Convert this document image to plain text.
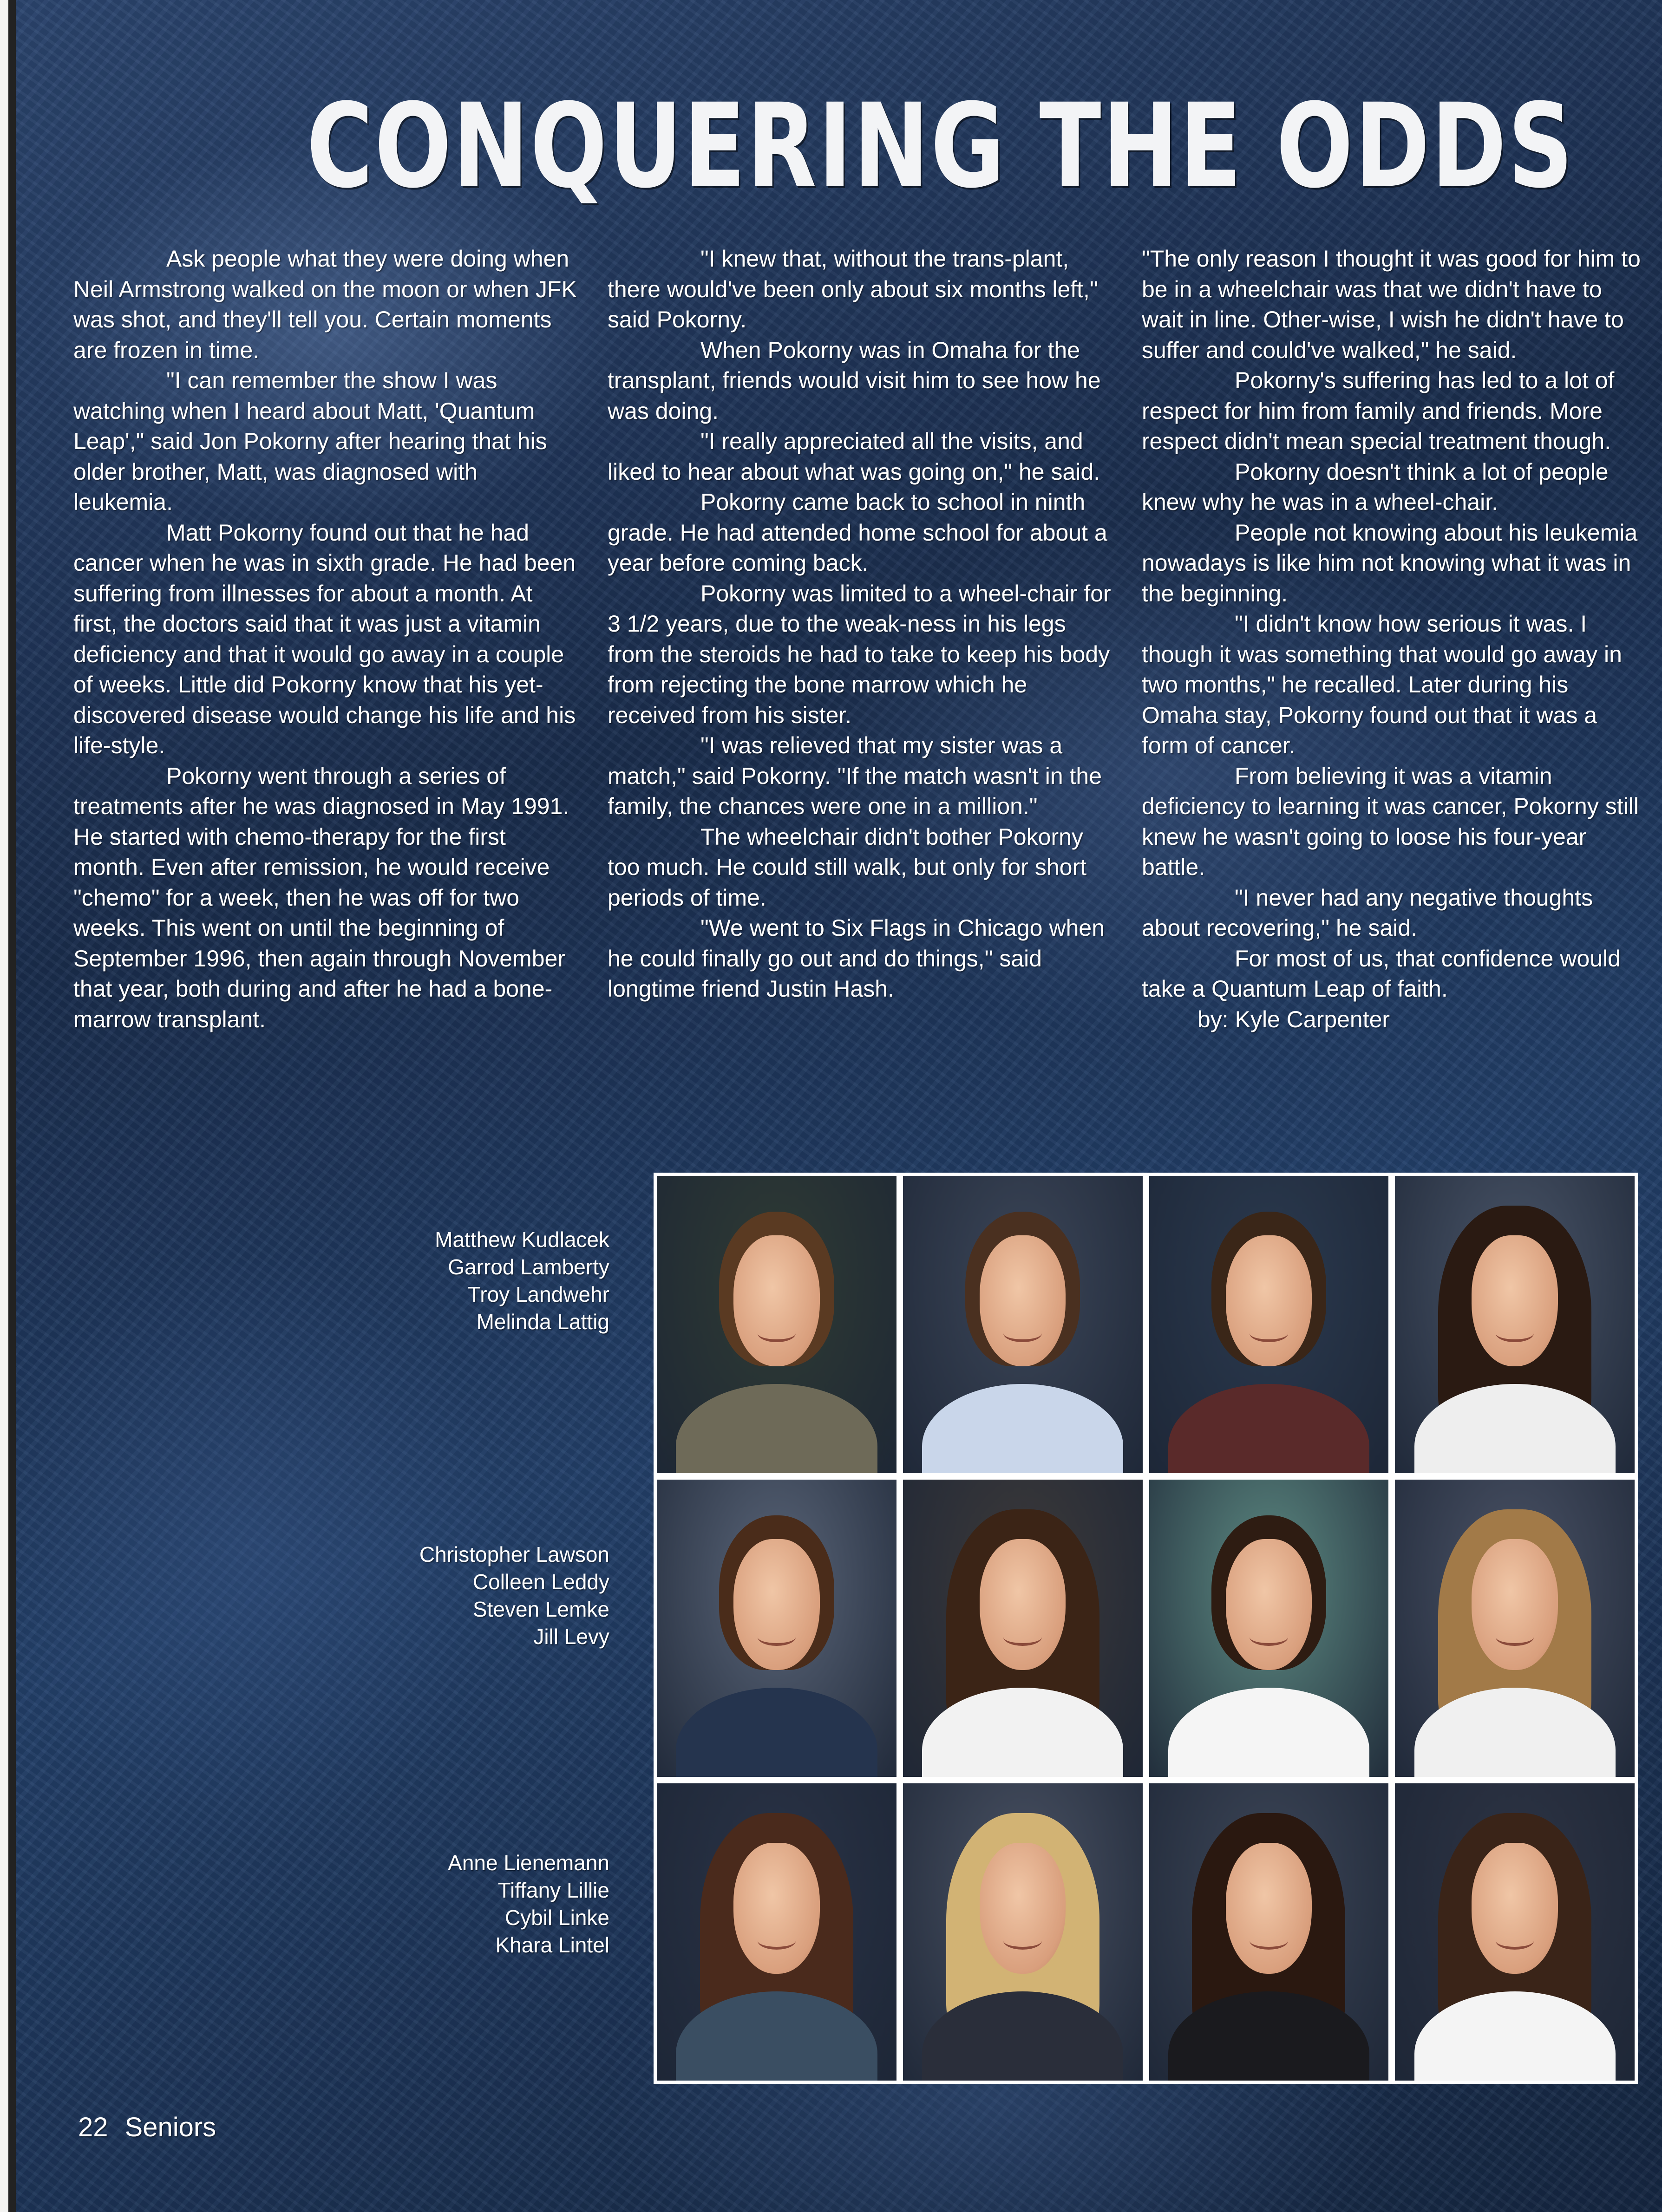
CONQUERING THE ODDS

Ask people what they were doing when Neil Armstrong walked on the moon or when JFK was shot, and they'll tell you. Certain moments are frozen in time.

"I can remember the show I was watching when I heard about Matt, 'Quantum Leap'," said Jon Pokorny after hearing that his older brother, Matt, was diagnosed with leukemia.

Matt Pokorny found out that he had cancer when he was in sixth grade. He had been suffering from illnesses for about a month. At first, the doctors said that it was just a vitamin deficiency and that it would go away in a couple of weeks. Little did Pokorny know that his yet-discovered disease would change his life and his life-style.

Pokorny went through a series of treatments after he was diagnosed in May 1991. He started with chemo-therapy for the first month. Even after remission, he would receive "chemo" for a week, then he was off for two weeks. This went on until the beginning of September 1996, then again through November that year, both during and after he had a bone-marrow transplant.

"I knew that, without the trans-plant, there would've been only about six months left," said Pokorny.

When Pokorny was in Omaha for the transplant, friends would visit him to see how he was doing.

"I really appreciated all the visits, and liked to hear about what was going on," he said.

Pokorny came back to school in ninth grade. He had attended home school for about a year before coming back.

Pokorny was limited to a wheel-chair for 3 1/2 years, due to the weak-ness in his legs from the steroids he had to take to keep his body from rejecting the bone marrow which he received from his sister.

"I was relieved that my sister was a match," said Pokorny. "If the match wasn't in the family, the chances were one in a million."

The wheelchair didn't bother Pokorny too much. He could still walk, but only for short periods of time.

"We went to Six Flags in Chicago when he could finally go out and do things," said longtime friend Justin Hash.

"The only reason I thought it was good for him to be in a wheelchair was that we didn't have to wait in line. Other-wise, I wish he didn't have to suffer and could've walked," he said.

Pokorny's suffering has led to a lot of respect for him from family and friends. More respect didn't mean special treatment though.

Pokorny doesn't think a lot of people knew why he was in a wheel-chair.

People not knowing about his leukemia nowadays is like him not knowing what it was in the beginning.

"I didn't know how serious it was. I though it was something that would go away in two months," he recalled. Later during his Omaha stay, Pokorny found out that it was a form of cancer.

From believing it was a vitamin deficiency to learning it was cancer, Pokorny still knew he wasn't going to loose his four-year battle.

"I never had any negative thoughts about recovering," he said.

For most of us, that confidence would take a Quantum Leap of faith.

by: Kyle Carpenter

Matthew Kudlacek
Garrod Lamberty
Troy Landwehr
Melinda Lattig
Christopher Lawson
Colleen Leddy
Steven Lemke
Jill Levy
Anne Lienemann
Tiffany Lillie
Cybil Linke
Khara Lintel
22 Seniors
